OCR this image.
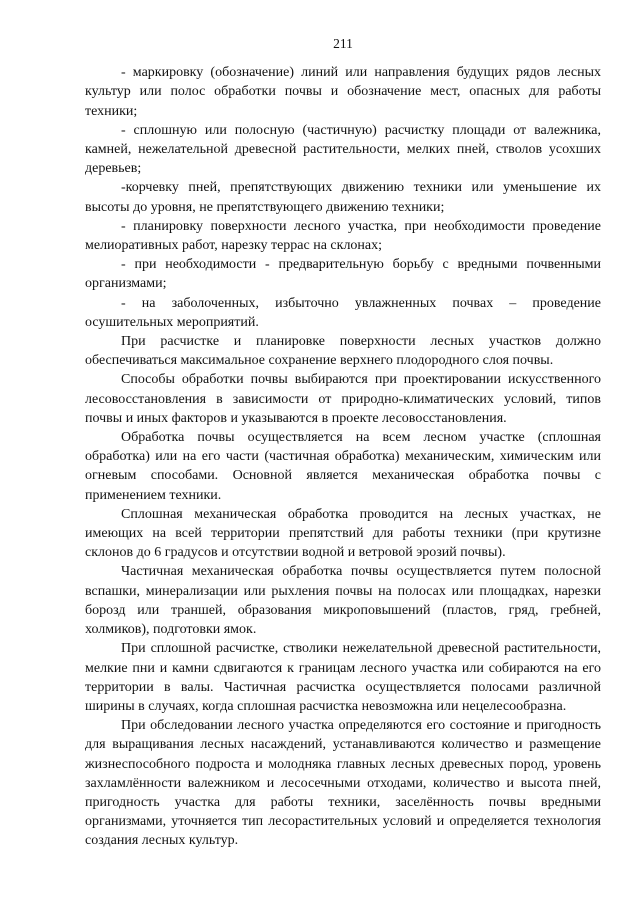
211

- маркировку (обозначение) линий или направления будущих рядов лесных культур или полос обработки почвы и обозначение мест, опасных для работы техники;

- сплошную или полосную (частичную) расчистку площади от валежника, камней, нежелательной древесной растительности, мелких пней, стволов усохших деревьев;

-корчевку пней, препятствующих движению техники или уменьшение их высоты до уровня, не препятствующего движению техники;

- планировку поверхности лесного участка, при необходимости проведение мелиоративных работ, нарезку террас на склонах;

- при необходимости - предварительную борьбу с вредными почвенными организмами;

- на заболоченных, избыточно увлажненных почвах – проведение осушительных мероприятий.

При расчистке и планировке поверхности лесных участков должно обеспечиваться максимальное сохранение верхнего плодородного слоя почвы.

Способы обработки почвы выбираются при проектировании искусственного лесовосстановления в зависимости от природно-климатических условий, типов почвы и иных факторов и указываются в проекте лесовосстановления.

Обработка почвы осуществляется на всем лесном участке (сплошная обработка) или на его части (частичная обработка) механическим, химическим или огневым способами. Основной является механическая обработка почвы с применением техники.

Сплошная механическая обработка проводится на лесных участках, не имеющих на всей территории препятствий для работы техники (при крутизне склонов до 6 градусов и отсутствии водной и ветровой эрозий почвы).

Частичная механическая обработка почвы осуществляется путем полосной вспашки, минерализации или рыхления почвы на полосах или площадках, нарезки борозд или траншей, образования микроповышений (пластов, гряд, гребней, холмиков), подготовки ямок.

При сплошной расчистке, стволики нежелательной древесной растительности, мелкие пни и камни сдвигаются к границам лесного участка или собираются на его территории в валы. Частичная расчистка осуществляется полосами различной ширины в случаях, когда сплошная расчистка невозможна или нецелесообразна.

При обследовании лесного участка определяются его состояние и пригодность для выращивания лесных насаждений, устанавливаются количество и размещение жизнеспособного подроста и молодняка главных лесных древесных пород, уровень захламлённости валежником и лесосечными отходами, количество и высота пней, пригодность участка для работы техники, заселённость почвы вредными организмами, уточняется тип лесорастительных условий и определяется технология создания лесных культур.
